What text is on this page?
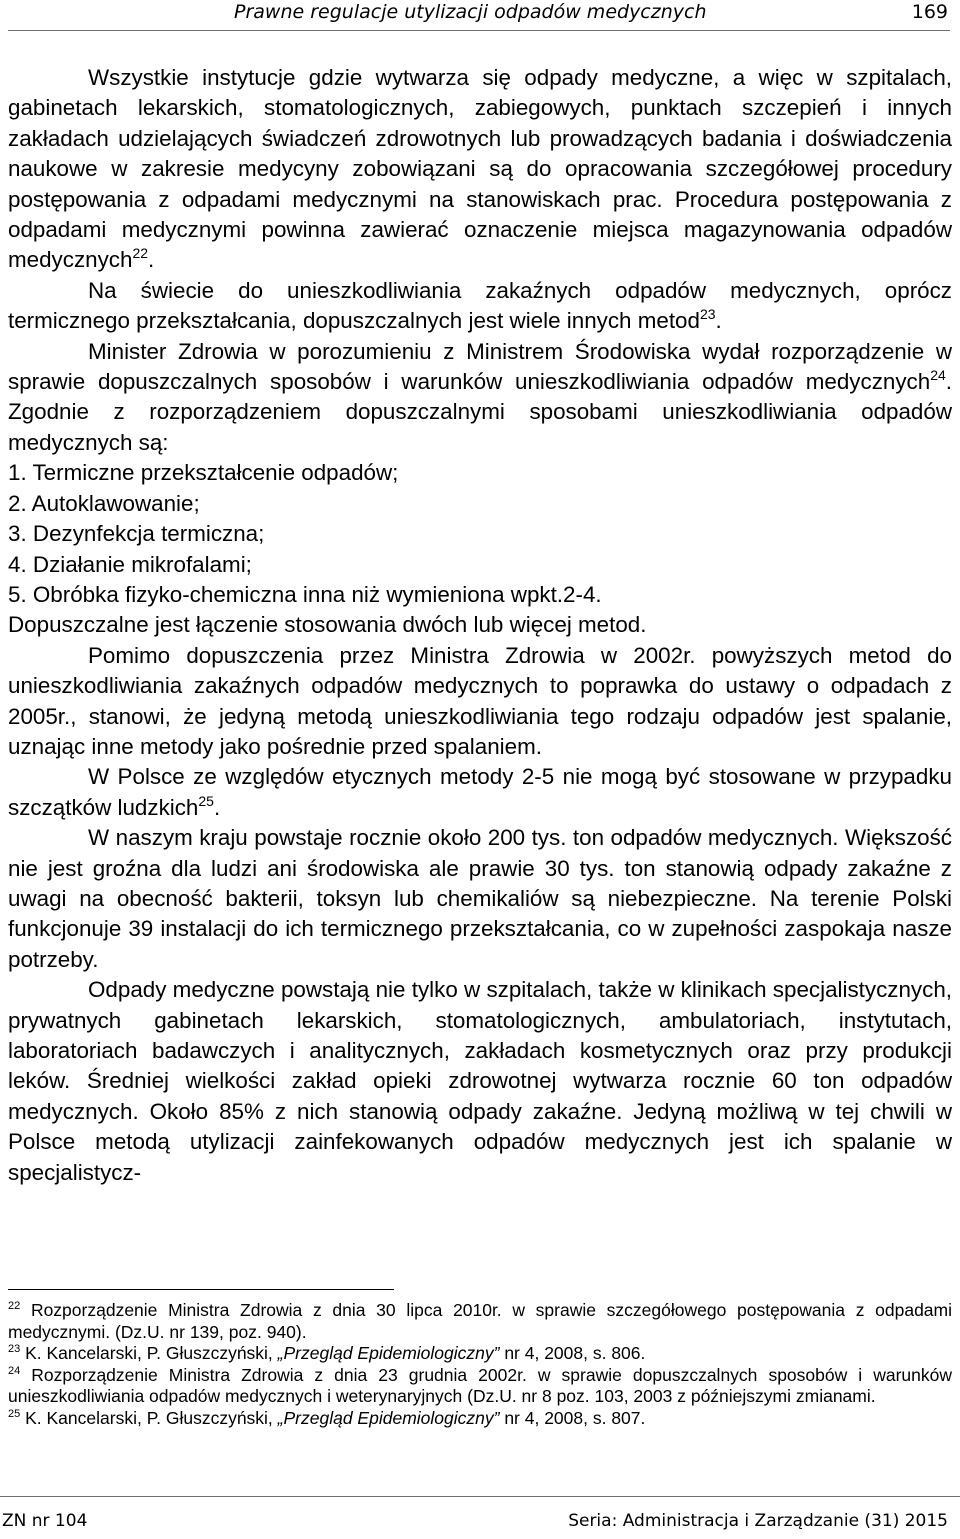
Prawne regulacje utylizacji odpadów medycznych	169

Wszystkie instytucje gdzie wytwarza się odpady medyczne, a więc w szpitalach, gabinetach lekarskich, stomatologicznych, zabiegowych, punktach szczepień i innych zakładach udzielających świadczeń zdrowotnych lub prowadzących badania i doświadczenia naukowe w zakresie medycyny zobowiązani są do opracowania szczegółowej procedury postępowania z odpadami medycznymi na stanowiskach prac. Procedura postępowania z odpadami medycznymi powinna zawierać oznaczenie miejsca magazynowania odpadów medycznych$^{22}$.

Na świecie do unieszkodliwiania zakaźnych odpadów medycznych, oprócz termicznego przekształcania, dopuszczalnych jest wiele innych metod$^{23}$.

Minister Zdrowia w porozumieniu z Ministrem Środowiska wydał rozporządzenie w sprawie dopuszczalnych sposobów i warunków unieszkodliwiania odpadów medycznych$^{24}$. Zgodnie z rozporządzeniem dopuszczalnymi sposobami unieszkodliwiania odpadów medycznych są:

1. Termiczne przekształcenie odpadów;

2. Autoklawowanie;

3. Dezynfekcja termiczna;

4. Działanie mikrofalami;

5. Obróbka fizyko-chemiczna inna niż wymieniona wpkt.2-4.

Dopuszczalne jest łączenie stosowania dwóch lub więcej metod.

Pomimo dopuszczenia przez Ministra Zdrowia w 2002r. powyższych metod do unieszkodliwiania zakaźnych odpadów medycznych to poprawka do ustawy o odpadach z 2005r., stanowi, że jedyną metodą unieszkodliwiania tego rodzaju odpadów jest spalanie, uznając inne metody jako pośrednie przed spalaniem.

W Polsce ze względów etycznych metody 2-5 nie mogą być stosowane w przypadku szczątków ludzkich$^{25}$.

W naszym kraju powstaje rocznie około 200 tys. ton odpadów medycznych. Większość nie jest groźna dla ludzi ani środowiska ale prawie 30 tys. ton stanowią odpady zakaźne z uwagi na obecność bakterii, toksyn lub chemikaliów są niebezpieczne. Na terenie Polski funkcjonuje 39 instalacji do ich termicznego przekształcania, co w zupełności zaspokaja nasze potrzeby.

Odpady medyczne powstają nie tylko w szpitalach, także w klinikach specjalistycznych, prywatnych gabinetach lekarskich, stomatologicznych, ambulatoriach, instytutach, laboratoriach badawczych i analitycznych, zakładach kosmetycznych oraz przy produkcji leków. Średniej wielkości zakład opieki zdrowotnej wytwarza rocznie 60 ton odpadów medycznych. Około 85% z nich stanowią odpady zakaźne. Jedyną możliwą w tej chwili w Polsce metodą utylizacji zainfekowanych odpadów medycznych jest ich spalanie w specjalistycz-

$^{22}$ Rozporządzenie Ministra Zdrowia z dnia 30 lipca 2010r. w sprawie szczegółowego postępowania z odpadami medycznymi. (Dz.U. nr 139, poz. 940).

$^{23}$ K. Kancelarski, P. Głuszczyński, „Przegląd Epidemiologiczny” nr 4, 2008, s. 806.

$^{24}$ Rozporządzenie Ministra Zdrowia z dnia 23 grudnia 2002r. w sprawie dopuszczalnych sposobów i warunków unieszkodliwiania odpadów medycznych i weterynaryjnych (Dz.U. nr 8 poz. 103, 2003 z późniejszymi zmianami.

$^{25}$ K. Kancelarski, P. Głuszczyński, „Przegląd Epidemiologiczny” nr 4, 2008, s. 807.

ZN nr 104	Seria: Administracja i Zarządzanie (31) 2015
